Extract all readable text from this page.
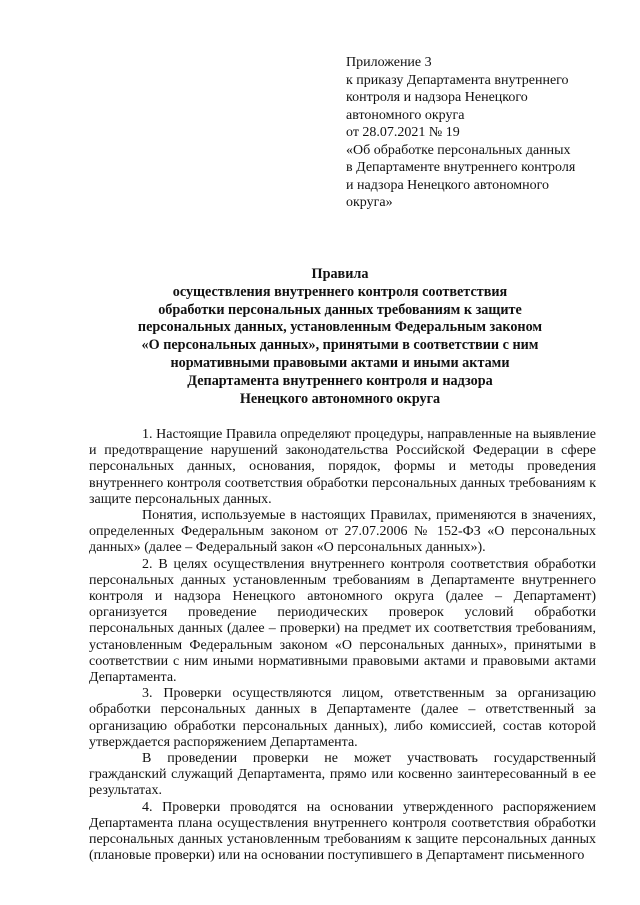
Приложение 3
к приказу Департамента внутреннего
контроля и надзора Ненецкого
автономного округа
от 28.07.2021 № 19
«Об обработке персональных данных
в Департаменте внутреннего контроля
и надзора Ненецкого автономного
округа»
Правила
осуществления внутреннего контроля соответствия
обработки персональных данных требованиям к защите
персональных данных, установленным Федеральным законом
«О персональных данных», принятыми в соответствии с ним
нормативными правовыми актами и иными актами
Департамента внутреннего контроля и надзора
Ненецкого автономного округа

1. Настоящие Правила определяют процедуры, направленные на выявление и предотвращение нарушений законодательства Российской Федерации в сфере персональных данных, основания, порядок, формы и методы проведения внутреннего контроля соответствия обработки персональных данных требованиям к защите персональных данных.

Понятия, используемые в настоящих Правилах, применяются в значениях, определенных Федеральным законом от 27.07.2006 № 152-ФЗ «О персональных данных» (далее – Федеральный закон «О персональных данных»).

2. В целях осуществления внутреннего контроля соответствия обработки персональных данных установленным требованиям в Департаменте внутреннего контроля и надзора Ненецкого автономного округа (далее – Департамент) организуется проведение периодических проверок условий обработки персональных данных (далее – проверки) на предмет их соответствия требованиям, установленным Федеральным законом «О персональных данных», принятыми в соответствии с ним иными нормативными правовыми актами и правовыми актами Департамента.

3. Проверки осуществляются лицом, ответственным за организацию обработки персональных данных в Департаменте (далее – ответственный за организацию обработки персональных данных), либо комиссией, состав которой утверждается распоряжением Департамента.

В проведении проверки не может участвовать государственный гражданский служащий Департамента, прямо или косвенно заинтересованный в ее результатах.

4. Проверки проводятся на основании утвержденного распоряжением Департамента плана осуществления внутреннего контроля соответствия обработки персональных данных установленным требованиям к защите персональных данных (плановые проверки) или на основании поступившего в Департамент письменного
